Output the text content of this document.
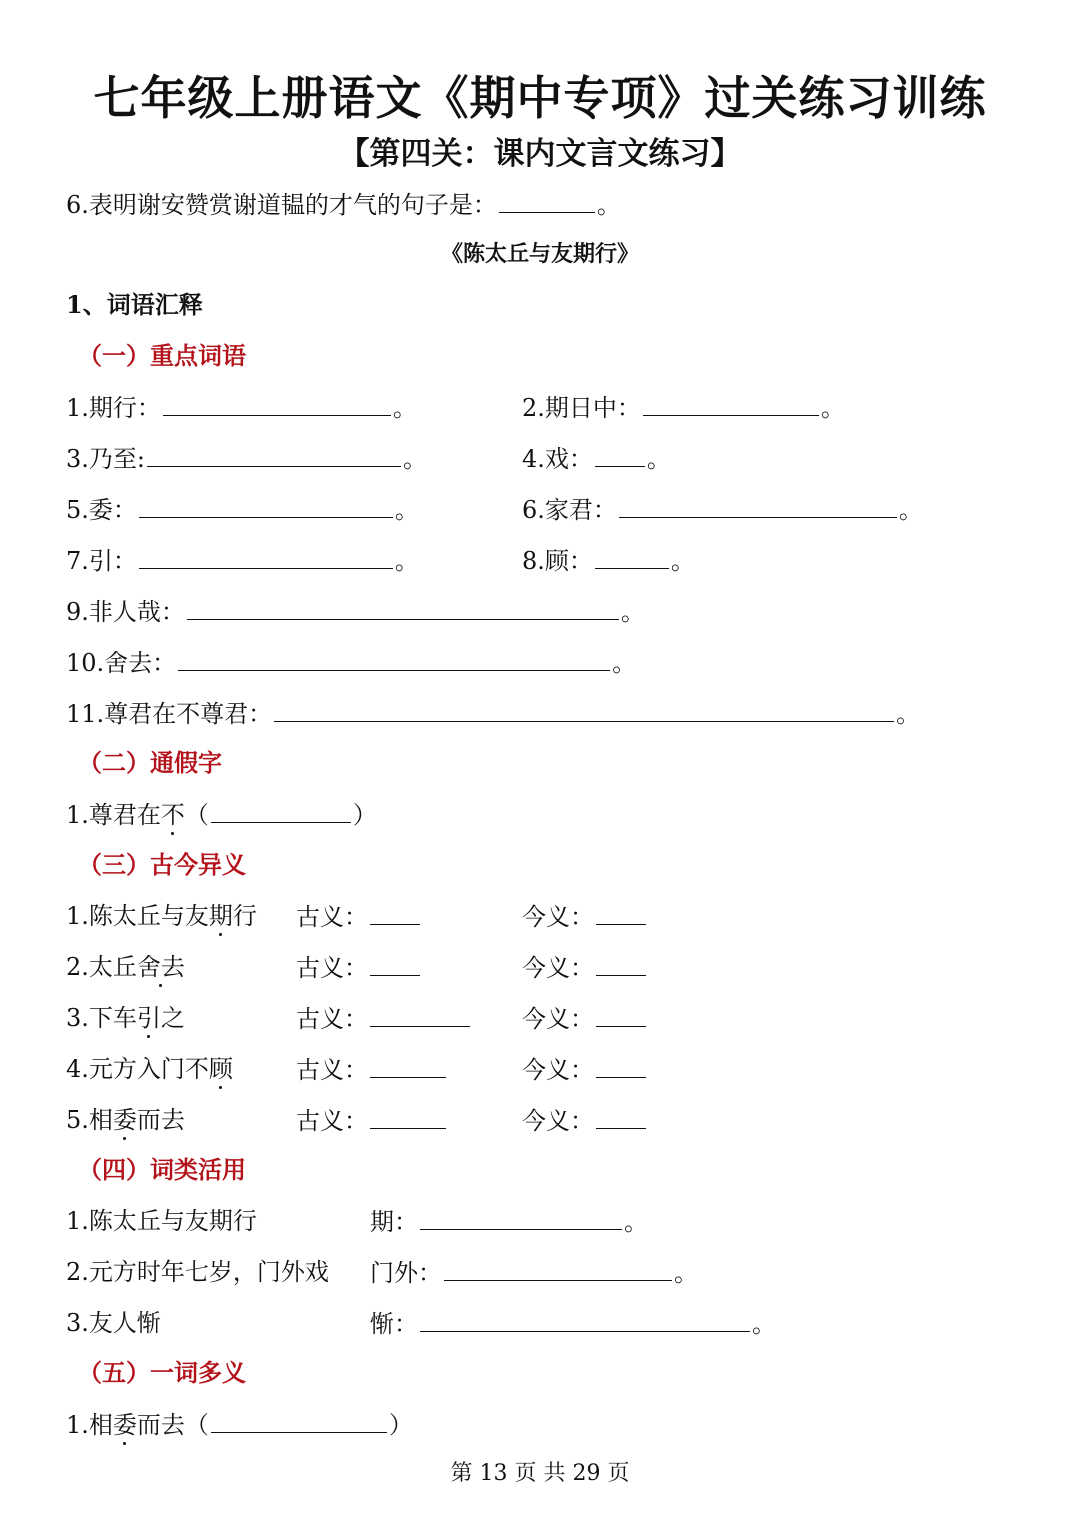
七年级上册语文《期中专项》过关练习训练
【第四关：课内文言文练习】
6.表明谢安赞赏谢道韫的才气的句子是：	。
《陈太丘与友期行》
1、词语汇释
（一）重点词语
1.期行：	。	2.期日中：	。
3.乃至:	。	4.戏： 。
5.委：	。	6.家君：	。
7.引：	。	8.顾：	。
9.非人哉：	。
10.舍去：	。
11.尊君在不尊君：	。
（二）通假字
1.尊君在不（	）
（三）古今异义
1.陈太丘与友期行 古义：	今义：
2.太丘舍去	古义：	今义：
3.下车引之	古义：	今义：
4.元方入门不顾	古义：	今义：
5.相委而去	古义：	今义：
（四）词类活用
1.陈太丘与友期行	期：	。
2.元方时年七岁，门外戏 门外：	。
3.友人惭	惭：	。
（五）一词多义
1.相委而去（	）
第 13 页 共 29 页
